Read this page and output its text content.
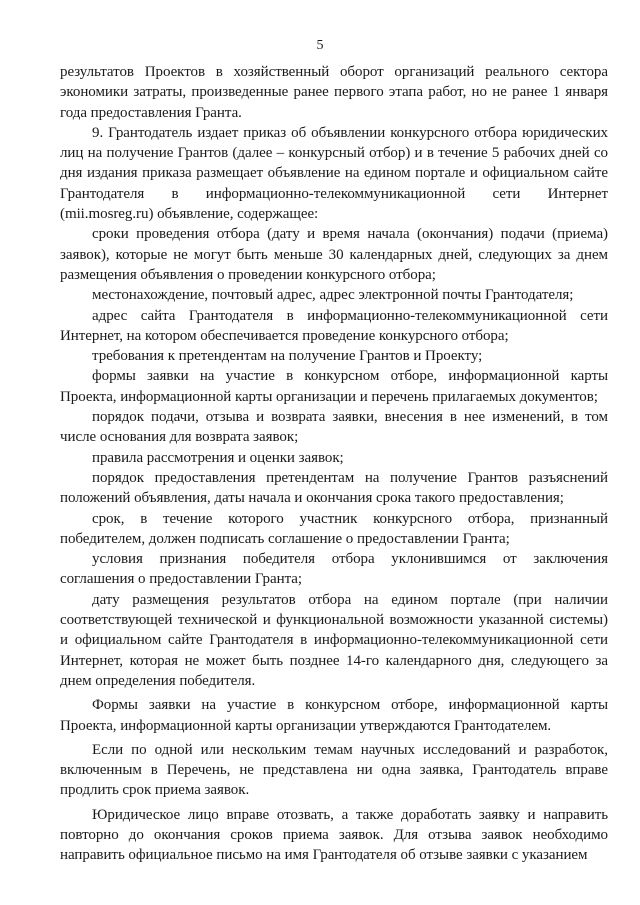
5

результатов Проектов в хозяйственный оборот организаций реального сектора экономики затраты, произведенные ранее первого этапа работ, но не ранее 1 января года предоставления Гранта.

9. Грантодатель издает приказ об объявлении конкурсного отбора юридических лиц на получение Грантов (далее – конкурсный отбор) и в течение 5 рабочих дней со дня издания приказа размещает объявление на едином портале и официальном сайте Грантодателя в информационно-телекоммуникационной сети Интернет (mii.mosreg.ru) объявление, содержащее:

сроки проведения отбора (дату и время начала (окончания) подачи (приема) заявок), которые не могут быть меньше 30 календарных дней, следующих за днем размещения объявления о проведении конкурсного отбора;

местонахождение, почтовый адрес, адрес электронной почты Грантодателя;

адрес сайта Грантодателя в информационно-телекоммуникационной сети Интернет, на котором обеспечивается проведение конкурсного отбора;

требования к претендентам на получение Грантов и Проекту;

формы заявки на участие в конкурсном отборе, информационной карты Проекта, информационной карты организации и перечень прилагаемых документов;

порядок подачи, отзыва и возврата заявки, внесения в нее изменений, в том числе основания для возврата заявок;

правила рассмотрения и оценки заявок;

порядок предоставления претендентам на получение Грантов разъяснений положений объявления, даты начала и окончания срока такого предоставления;

срок, в течение которого участник конкурсного отбора, признанный победителем, должен подписать соглашение о предоставлении Гранта;

условия признания победителя отбора уклонившимся от заключения соглашения о предоставлении Гранта;

дату размещения результатов отбора на едином портале (при наличии соответствующей технической и функциональной возможности указанной системы) и официальном сайте Грантодателя в информационно-телекоммуникационной сети Интернет, которая не может быть позднее 14-го календарного дня, следующего за днем определения победителя.

Формы заявки на участие в конкурсном отборе, информационной карты Проекта, информационной карты организации утверждаются Грантодателем.

Если по одной или нескольким темам научных исследований и разработок, включенным в Перечень, не представлена ни одна заявка, Грантодатель вправе продлить срок приема заявок.

Юридическое лицо вправе отозвать, а также доработать заявку и направить повторно до окончания сроков приема заявок. Для отзыва заявок необходимо направить официальное письмо на имя Грантодателя об отзыве заявки с указанием
